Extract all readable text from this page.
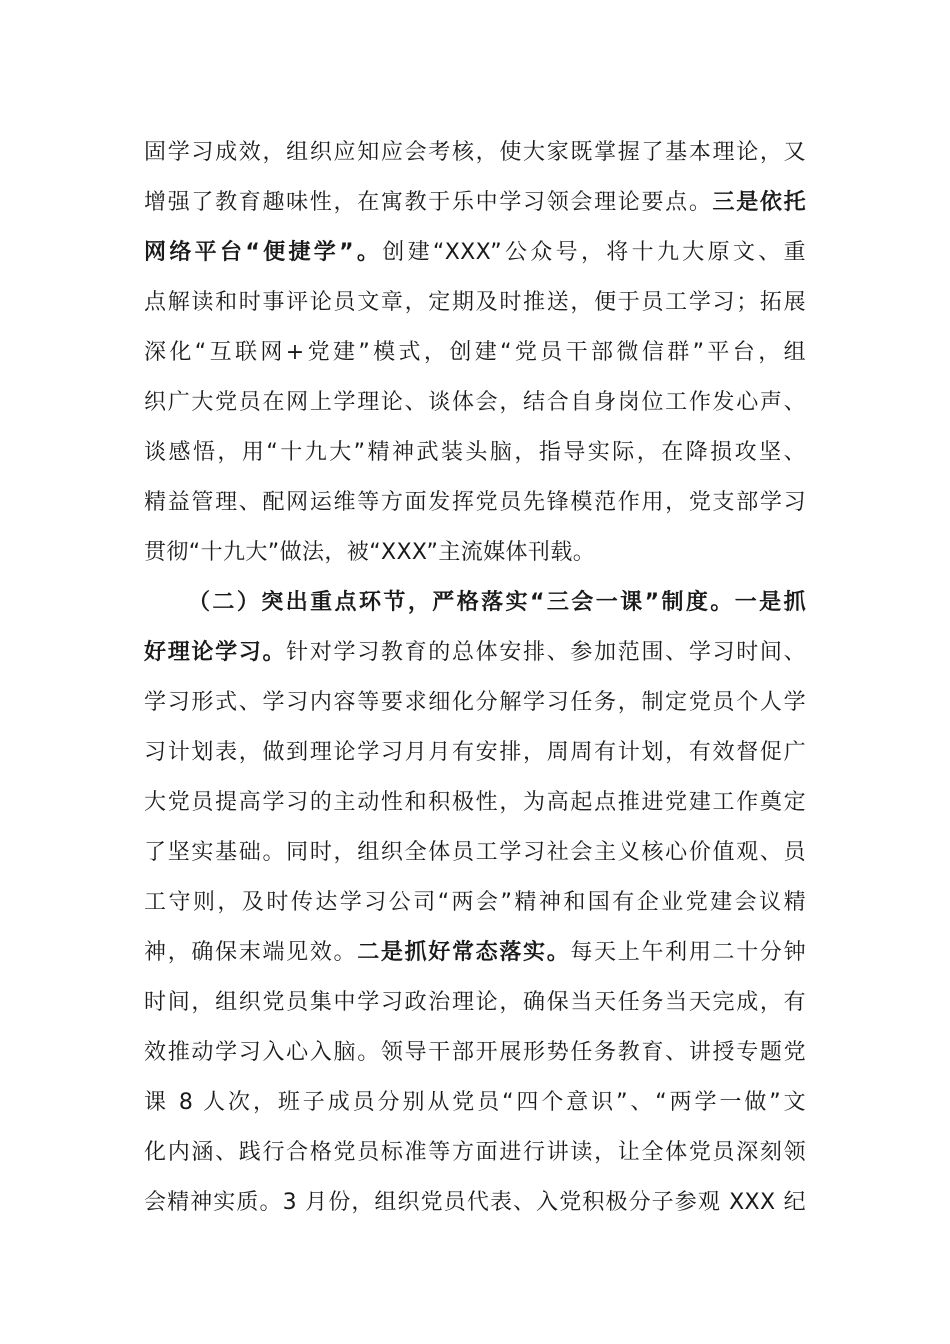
固学习成效，组织应知应会考核，使大家既掌握了基本理论，又
增强了教育趣味性，在寓教于乐中学习领会理论要点。三是依托
网络平台“便捷学”。创建“XXX”公众号，将十九大原文、重
点解读和时事评论员文章，定期及时推送，便于员工学习；拓展
深化“互联网+党建”模式，创建“党员干部微信群”平台，组
织广大党员在网上学理论、谈体会，结合自身岗位工作发心声、
谈感悟，用“十九大”精神武装头脑，指导实际，在降损攻坚、
精益管理、配网运维等方面发挥党员先锋模范作用，党支部学习
贯彻“十九大”做法，被“XXX”主流媒体刊载。
（二）突出重点环节，严格落实“三会一课”制度。一是抓
好理论学习。针对学习教育的总体安排、参加范围、学习时间、
学习形式、学习内容等要求细化分解学习任务，制定党员个人学
习计划表，做到理论学习月月有安排，周周有计划，有效督促广
大党员提高学习的主动性和积极性，为高起点推进党建工作奠定
了坚实基础。同时，组织全体员工学习社会主义核心价值观、员
工守则，及时传达学习公司“两会”精神和国有企业党建会议精
神，确保末端见效。二是抓好常态落实。每天上午利用二十分钟
时间，组织党员集中学习政治理论，确保当天任务当天完成，有
效推动学习入心入脑。领导干部开展形势任务教育、讲授专题党
课 8 人次，班子成员分别从党员“四个意识”、“两学一做”文
化内涵、践行合格党员标准等方面进行讲读，让全体党员深刻领
会精神实质。3 月份，组织党员代表、入党积极分子参观 XXX 纪
